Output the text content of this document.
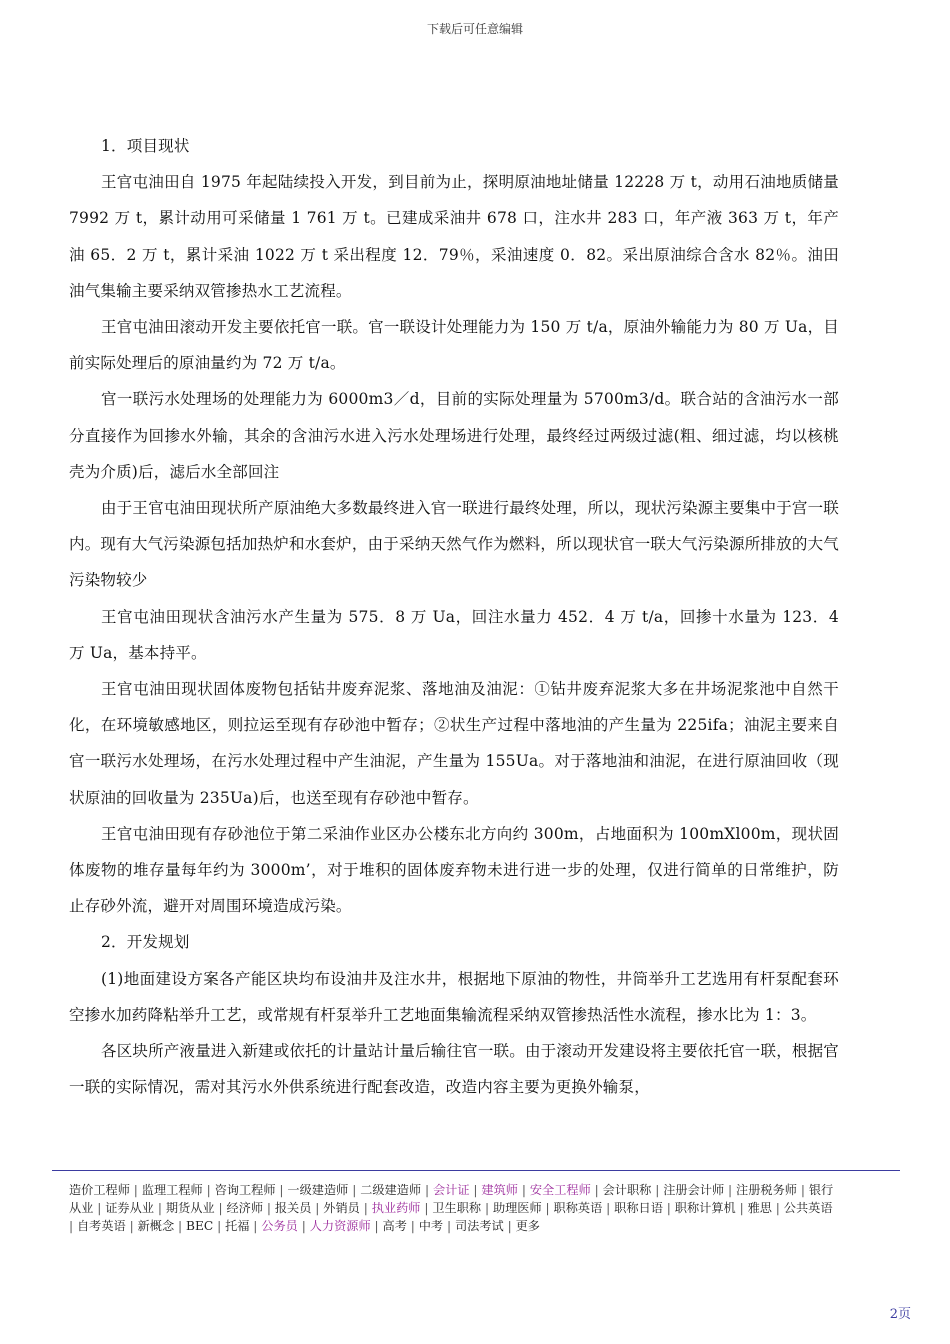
下载后可任意编辑

1．项目现状

王官屯油田自 1975 年起陆续投入开发，到目前为止，探明原油地址储量 12228 万 t，动用石油地质储量 7992 万 t，累计动用可采储量 1 761 万 t。已建成采油井 678 口，注水井 283 口，年产液 363 万 t，年产油 65．2 万 t，累计采油 1022 万 t 采出程度 12．79％，采油速度 0．82。采出原油综合含水 82％。油田油气集输主要采纳双管掺热水工艺流程。

王官屯油田滚动开发主要依托官一联。官一联设计处理能力为 150 万 t/a，原油外输能力为 80 万 Ua，目前实际处理后的原油量约为 72 万 t/a。

官一联污水处理场的处理能力为 6000m3／d，目前的实际处理量为 5700m3/d。联合站的含油污水一部分直接作为回掺水外输，其余的含油污水进入污水处理场进行处理，最终经过两级过滤(粗、细过滤，均以核桃壳为介质)后，滤后水全部回注

由于王官屯油田现状所产原油绝大多数最终进入官一联进行最终处理，所以，现状污染源主要集中于宫一联内。现有大气污染源包括加热炉和水套炉，由于采纳天然气作为燃料，所以现状官一联大气污染源所排放的大气污染物较少

王官屯油田现状含油污水产生量为 575．8 万 Ua，回注水量力 452．4 万 t/a，回掺十水量为 123．4 万 Ua，基本持平。

王官屯油田现状固体废物包括钻井废弃泥浆、落地油及油泥：①钻井废弃泥浆大多在井场泥浆池中自然干化，在环境敏感地区，则拉运至现有存砂池中暂存；②状生产过程中落地油的产生量为 225ifa；油泥主要来自官一联污水处理场，在污水处理过程中产生油泥，产生量为 155Ua。对于落地油和油泥，在进行原油回收（现状原油的回收量为 235Ua)后，也送至现有存砂池中暂存。

王官屯油田现有存砂池位于第二采油作业区办公楼东北方向约 300m，占地面积为 100mXl00m，现状固体废物的堆存量每年约为 3000m’，对于堆积的固体废弃物未进行进一步的处理，仅进行简单的日常维护，防止存砂外流，避开对周围环境造成污染。

2．开发规划

(1)地面建设方案各产能区块均布设油井及注水井，根据地下原油的物性，井筒举升工艺选用有杆泵配套环空掺水加药降粘举升工艺，或常规有杆泵举升工艺地面集输流程采纳双管掺热活性水流程，掺水比为 1：3。

各区块所产液量进入新建或依托的计量站计量后输往官一联。由于滚动开发建设将主要依托官一联，根据官一联的实际情况，需对其污水外供系统进行配套改造，改造内容主要为更换外输泵，

造价工程师 | 监理工程师 | 咨询工程师 | 一级建造师 | 二级建造师 | 会计证 | 建筑师 | 安全工程师 | 会计职称 | 注册会计师 | 注册税务师 | 银行从业 | 证券从业 | 期货从业 | 经济师 | 报关员 | 外销员 | 执业药师 | 卫生职称 | 助理医师 | 职称英语 | 职称日语 | 职称计算机 | 雅思 | 公共英语 | 自考英语 | 新概念 | BEC | 托福 | 公务员 | 人力资源师 | 高考 | 中考 | 司法考试 | 更多
2页
